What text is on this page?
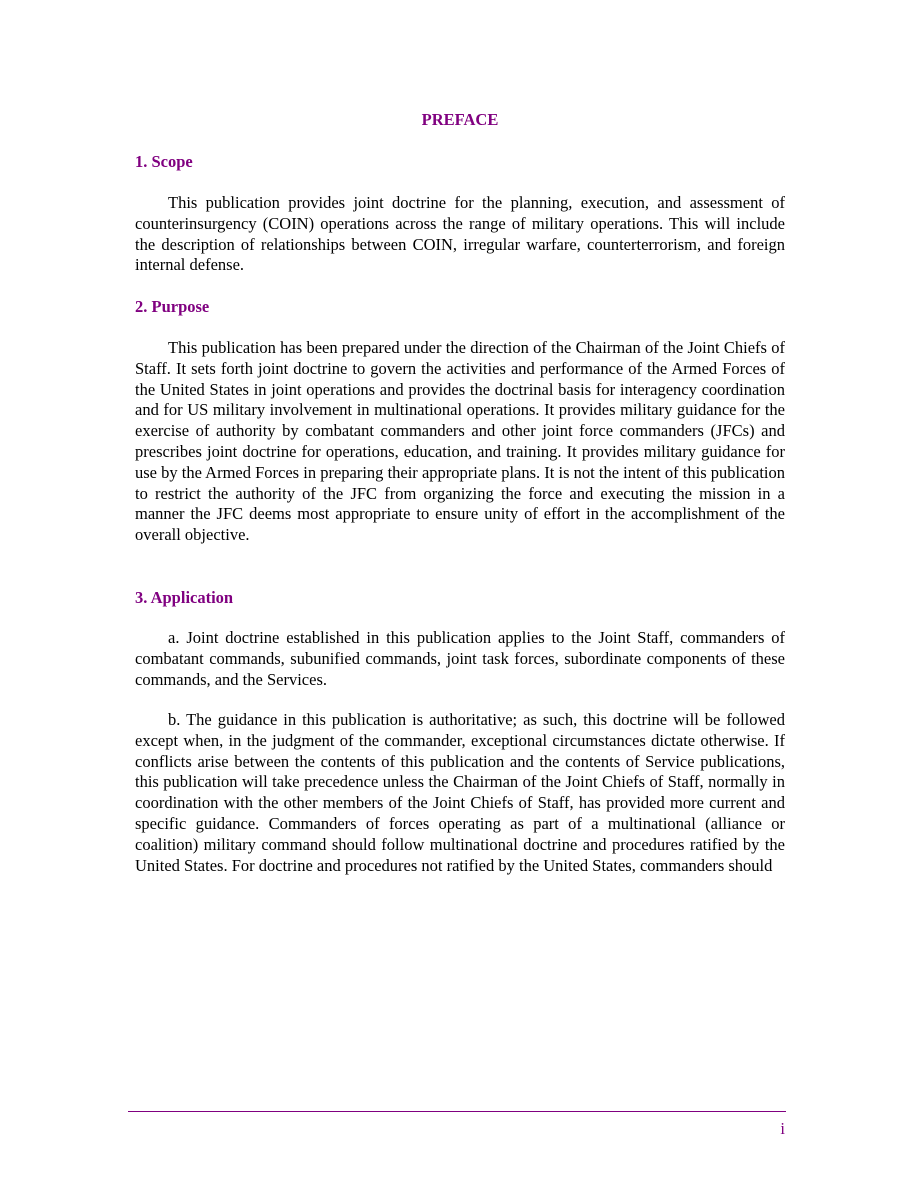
PREFACE
1. Scope

This publication provides joint doctrine for the planning, execution, and assessment of counterinsurgency (COIN) operations across the range of military operations. This will include the description of relationships between COIN, irregular warfare, counterterrorism, and foreign internal defense.

2. Purpose

This publication has been prepared under the direction of the Chairman of the Joint Chiefs of Staff. It sets forth joint doctrine to govern the activities and performance of the Armed Forces of the United States in joint operations and provides the doctrinal basis for interagency coordination and for US military involvement in multinational operations. It provides military guidance for the exercise of authority by combatant commanders and other joint force commanders (JFCs) and prescribes joint doctrine for operations, education, and training. It provides military guidance for use by the Armed Forces in preparing their appropriate plans. It is not the intent of this publication to restrict the authority of the JFC from organizing the force and executing the mission in a manner the JFC deems most appropriate to ensure unity of effort in the accomplishment of the overall objective.

3. Application

a. Joint doctrine established in this publication applies to the Joint Staff, commanders of combatant commands, subunified commands, joint task forces, subordinate components of these commands, and the Services.

b. The guidance in this publication is authoritative; as such, this doctrine will be followed except when, in the judgment of the commander, exceptional circumstances dictate otherwise. If conflicts arise between the contents of this publication and the contents of Service publications, this publication will take precedence unless the Chairman of the Joint Chiefs of Staff, normally in coordination with the other members of the Joint Chiefs of Staff, has provided more current and specific guidance. Commanders of forces operating as part of a multinational (alliance or coalition) military command should follow multinational doctrine and procedures ratified by the United States. For doctrine and procedures not ratified by the United States, commanders should

i
